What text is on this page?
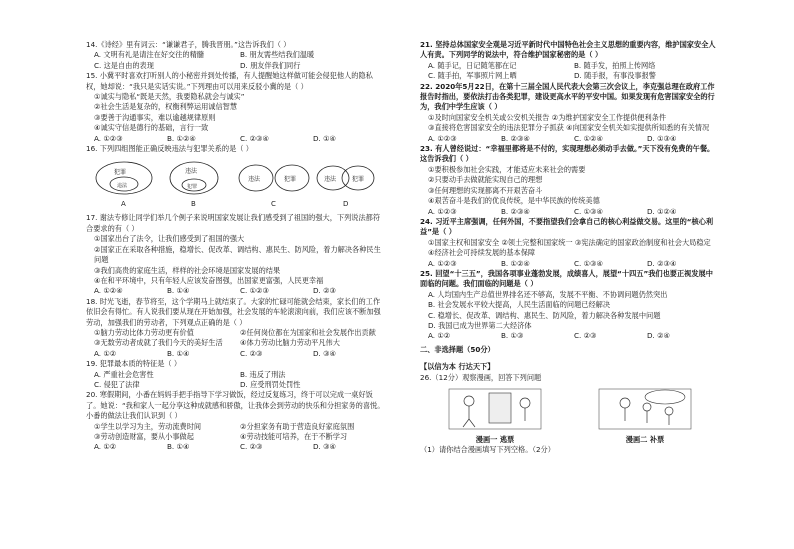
14.《诗经》里有词云：“谦谦君子，腾我晋朋。”这告诉我们（ ）

A. 文明有礼是请注在好交往的精髓	B. 朋友需些结我们温暖
C. 这是自由的表现	D. 朋友伴我们同行

15. 小冀平时喜欢打听别人的小秘密并到处传播，有人提醒她这样做可能会侵犯他人的隐私权，她却说：“我只是实话实说。”下列理由可以用来反驳小冀的是（ ）

①诚实与隐私“既是天然，我要隐私就会与诚实”

②社会生活是复杂的，权衡利弊运用诚信智慧

③要善于沟通事实，难以逾越规律原则

④诚实守信是德行的基础，言行一致

A. ①②③	B. ①②④	C. ②③④	D. ①④

16. 下列四组图能正确反映违法与犯罪关系的是（ ）

犯罪
违法
违法
犯罪
违法	犯罪	违法	犯罪
A	B	C	D

17. 谢法专修让同学们举几个例子来说明国家发展让我们感受到了祖国的强大，下列说法都符合要求的有（ ）

①国家出台了法令，让我们感受到了祖国的强大

②国家正在采取各种措施，稳增长、促改革、调结构、惠民生、防风险，着力解决各种民生问题

③我们高贵的家庭生活，样样的社会环境是国家发展的结果

④在和平环境中，只有年轻人应该发奋图强，出国家更富强，人民更幸福

A. ①②④	B. ①④	C. ①②③	D. ②③

18. 时光飞逝，春节将至，这个学期马上就结束了。大家的忙碌可能就会结束，家长们的工作依旧会有得忙。有人说我们要从现在开始加强，社会发展的车轮滚滚向前，我们应该不断加强劳动，加强我们的劳动者，下列观点正确的是（ ）

①脑力劳动比体力劳动更有价值	②任何岗位都在为国家和社会发展作出贡献
③无数劳动者成就了我们今天的美好生活	④体力劳动比脑力劳动平凡伟大
A. ①②	B. ①④	C. ②③	D. ③④

19. 犯罪最本质的特征是（ ）

A. 严重社会危害性	B. 违反了刑法
C. 侵犯了法律	D. 应受刑罚处罚性

20. 寒假期间，小番在妈妈手把手指导下学习做饭，经过反复练习，终于可以完成一桌好饭了。她说：“我和家人一起分享这种成就感和骄傲，让我体会到劳动的快乐和分担家务的喜悦。小番的做法让我们认识到（ ）

①学生以学习为主，劳动流费时间	②分担家务有助于营造良好家庭氛围
③劳动创造财富，要从小事做起	④劳动技能可培养，在于不断学习
A. ①②	B. ①④	C. ②③	D. ③④

21. 坚持总体国家安全观是习近平新时代中国特色社会主义思想的重要内容，维护国家安全人人有责。下列同学的说法中，符合维护国家秘密的是（ ）

A. 随手记，日记随笔都在记	B. 随手发，拍照上传网络
C. 随手拍，军事照片网上晒	D. 随手报，有事没事报警

22. 2020年5月22日，在第十三届全国人民代表大会第三次会议上，李克强总理在政府工作报告时指出，要依法打击各类犯罪，建设更高水平的平安中国。如果发现有危害国家安全的行为，我们中学生应该（ ）

①及时向国家安全机关或公安机关报告 ②为维护国家安全工作提供便利条件

③直接将危害国家安全的违法犯罪分子抓获 ④向国家安全机关如实提供所知悉的有关情况

A. ①②③	B. ②③④	C. ①②④	D. ①③④

23. 有人曾经说过：“幸福里都将是不付的，实现理想必须动手去做。”天下没有免费的午餐。这告诉我们（ ）

①要积极参加社会实践，才能适应未来社会的需要

②只要动手去做就能实现自己的理想

③任何理想的实现都离不开艰苦奋斗

④艰苦奋斗是我们的优良传统，是中华民族的传统美德

A. ①②③	B. ②③④	C. ①③④	D. ①②④

24. 习近平主席强调，任何外国，不要指望我们会拿自己的核心利益做交易。这里的“核心利益”是（ ）

①国家主权和国家安全 ②领土完整和国家统一 ③宪法确定的国家政治制度和社会大局稳定

④经济社会可持续发展的基本保障

A. ①②③	B. ①②④	C. ①③④	D. ②③④

25. 回望“十三五”，我国各项事业蓬勃发展，成绩喜人，展望“十四五”我们也要正视发展中面临的问题。我们面临的问题是（ ）

A. 人均国内生产总值世界排名还不够高，发展不平衡、不协调问题仍然突出

B. 社会发展水平较大提高，人民生活面临的问题已经解决

C. 稳增长、促改革、调结构、惠民生、防风险，着力解决各种发展中问题

D. 我国已成为世界第二大经济体

A. ①②	B. ①③	C. ②③	D. ②④

二、非选择题（50分）

【以信为本 行达天下】

26.（12分）观察漫画，回答下列问题

漫画一 逃票	漫画二 补票

（1）请你结合漫画填写下列空格。（2分）
